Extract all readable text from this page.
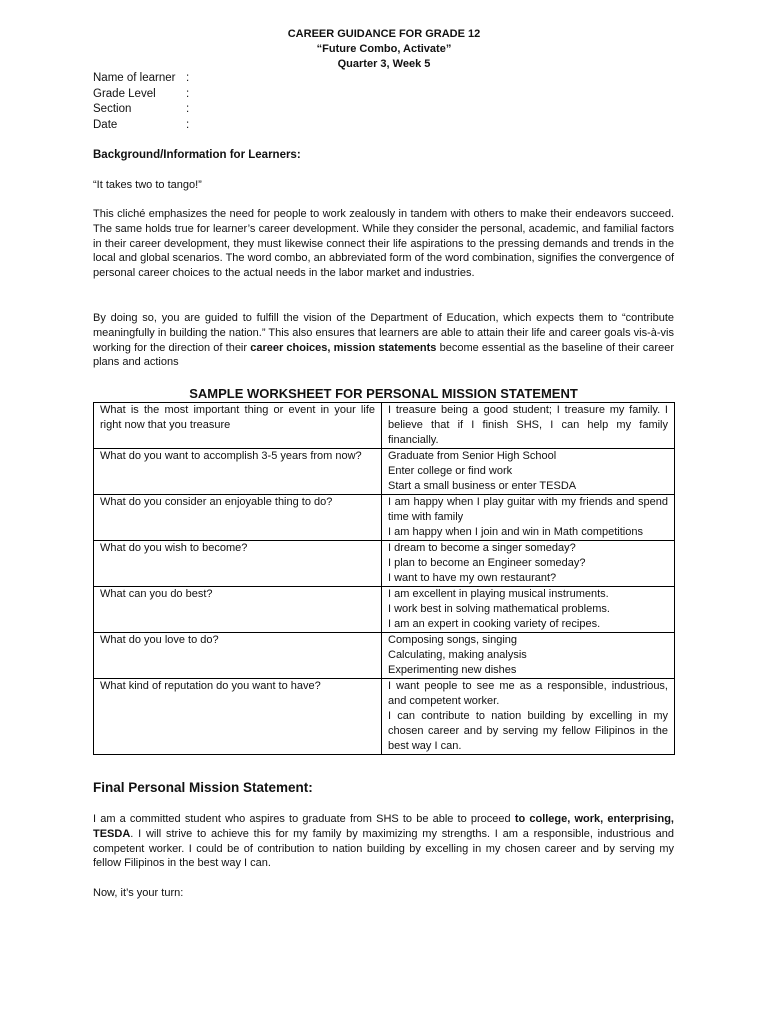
CAREER GUIDANCE FOR GRADE 12
“Future Combo, Activate”
Quarter 3, Week 5
Name of learner :
Grade Level	:
Section	:
Date	:
Background/Information for Learners:
“It takes two to tango!”
This cliché emphasizes the need for people to work zealously in tandem with others to make their endeavors succeed. The same holds true for learner’s career development. While they consider the personal, academic, and familial factors in their career development, they must likewise connect their life aspirations to the pressing demands and trends in the local and global scenarios. The word combo, an abbreviated form of the word combination, signifies the convergence of personal career choices to the actual needs in the labor market and industries.
By doing so, you are guided to fulfill the vision of the Department of Education, which expects them to “contribute meaningfully in building the nation.” This also ensures that learners are able to attain their life and career goals vis-à-vis working for the direction of their career choices, mission statements become essential as the baseline of their career plans and actions
SAMPLE WORKSHEET FOR PERSONAL MISSION STATEMENT
What is the most important thing or event in your life right now that you treasure	I treasure being a good student; I treasure my family. I believe that if I finish SHS, I can help my family financially.

What do you want to accomplish 3-5 years from now?	Graduate from Senior High School
Enter college or find work
Start a small business or enter TESDA

What do you consider an enjoyable thing to do?	I am happy when I play guitar with my friends and spend time with family
I am happy when I join and win in Math competitions

What do you wish to become?	I dream to become a singer someday?
I plan to become an Engineer someday?
I want to have my own restaurant?

What can you do best?	I am excellent in playing musical instruments.
I work best in solving mathematical problems.
I am an expert in cooking variety of recipes.

What do you love to do?	Composing songs, singing
Calculating, making analysis
Experimenting new dishes

What kind of reputation do you want to have?	I want people to see me as a responsible, industrious, and competent worker.
I can contribute to nation building by excelling in my chosen career and by serving my fellow Filipinos in the best way I can.
Final Personal Mission Statement:
I am a committed student who aspires to graduate from SHS to be able to proceed to college, work, enterprising, TESDA. I will strive to achieve this for my family by maximizing my strengths. I am a responsible, industrious and competent worker. I could be of contribution to nation building by excelling in my chosen career and by serving my fellow Filipinos in the best way I can.
Now, it’s your turn:
